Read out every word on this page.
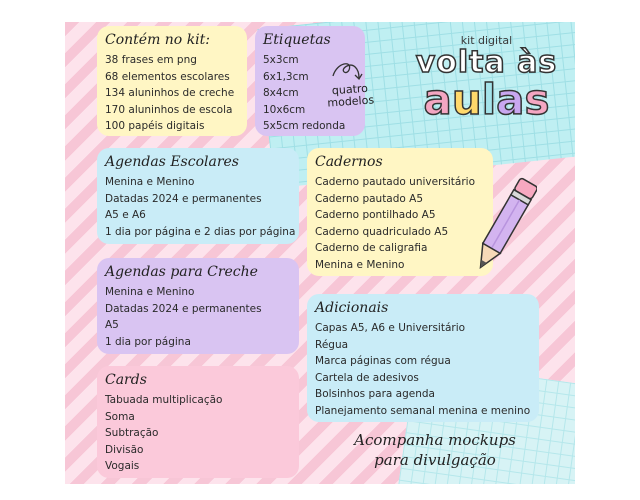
Contém no kit:
38 frases em png
68 elementos escolares
134 aluninhos de creche
170 aluninhos de escola
100 papéis digitais
Etiquetas
5x3cm
6x1,3cm
8x4cm
10x6cm
5x5cm redonda
quatro
modelos
kit digital
volta às
aulas
Agendas Escolares
Menina e Menino
Datadas 2024 e permanentes
A5 e A6
1 dia por página e 2 dias por página
Cadernos
Caderno pautado universitário
Caderno pautado A5
Caderno pontilhado A5
Caderno quadriculado A5
Caderno de caligrafia
Menina e Menino
Agendas para Creche
Menina e Menino
Datadas 2024 e permanentes
A5
1 dia por página
Adicionais
Capas A5, A6 e Universitário
Régua
Marca páginas com régua
Cartela de adesivos
Bolsinhos para agenda
Planejamento semanal menina e menino
Cards
Tabuada multiplicação
Soma
Subtração
Divisão
Vogais
Acompanha mockups
para divulgação
